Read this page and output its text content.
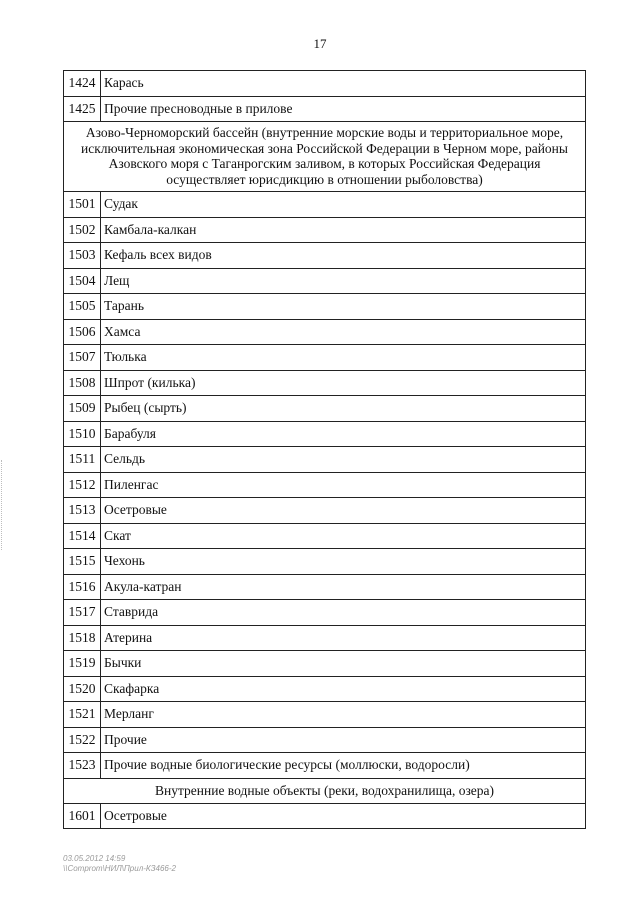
17
1424	Карась
1425	Прочие пресноводные в прилове
Азово-Черноморский бассейн (внутренние морские воды и территориальное море, исключительная экономическая зона Российской Федерации в Черном море, районы Азовского моря с Таганрогским заливом, в которых Российская Федерация осуществляет юрисдикцию в отношении рыболовства)	
1501	Судак
1502	Камбала-калкан
1503	Кефаль всех видов
1504	Лещ
1505	Тарань
1506	Хамса
1507	Тюлька
1508	Шпрот (килька)
1509	Рыбец (сырть)
1510	Барабуля
1511	Сельдь
1512	Пиленгас
1513	Осетровые
1514	Скат
1515	Чехонь
1516	Акула-катран
1517	Ставрида
1518	Атерина
1519	Бычки
1520	Скафарка
1521	Мерланг
1522	Прочие
1523	Прочие водные биологические ресурсы (моллюски, водоросли)
Внутренние водные объекты (реки, водохранилища, озера)	
1601	Осетровые
03.05.2012 14:59
\\Comprom\НИЛ\Прил-КЗ466-2
